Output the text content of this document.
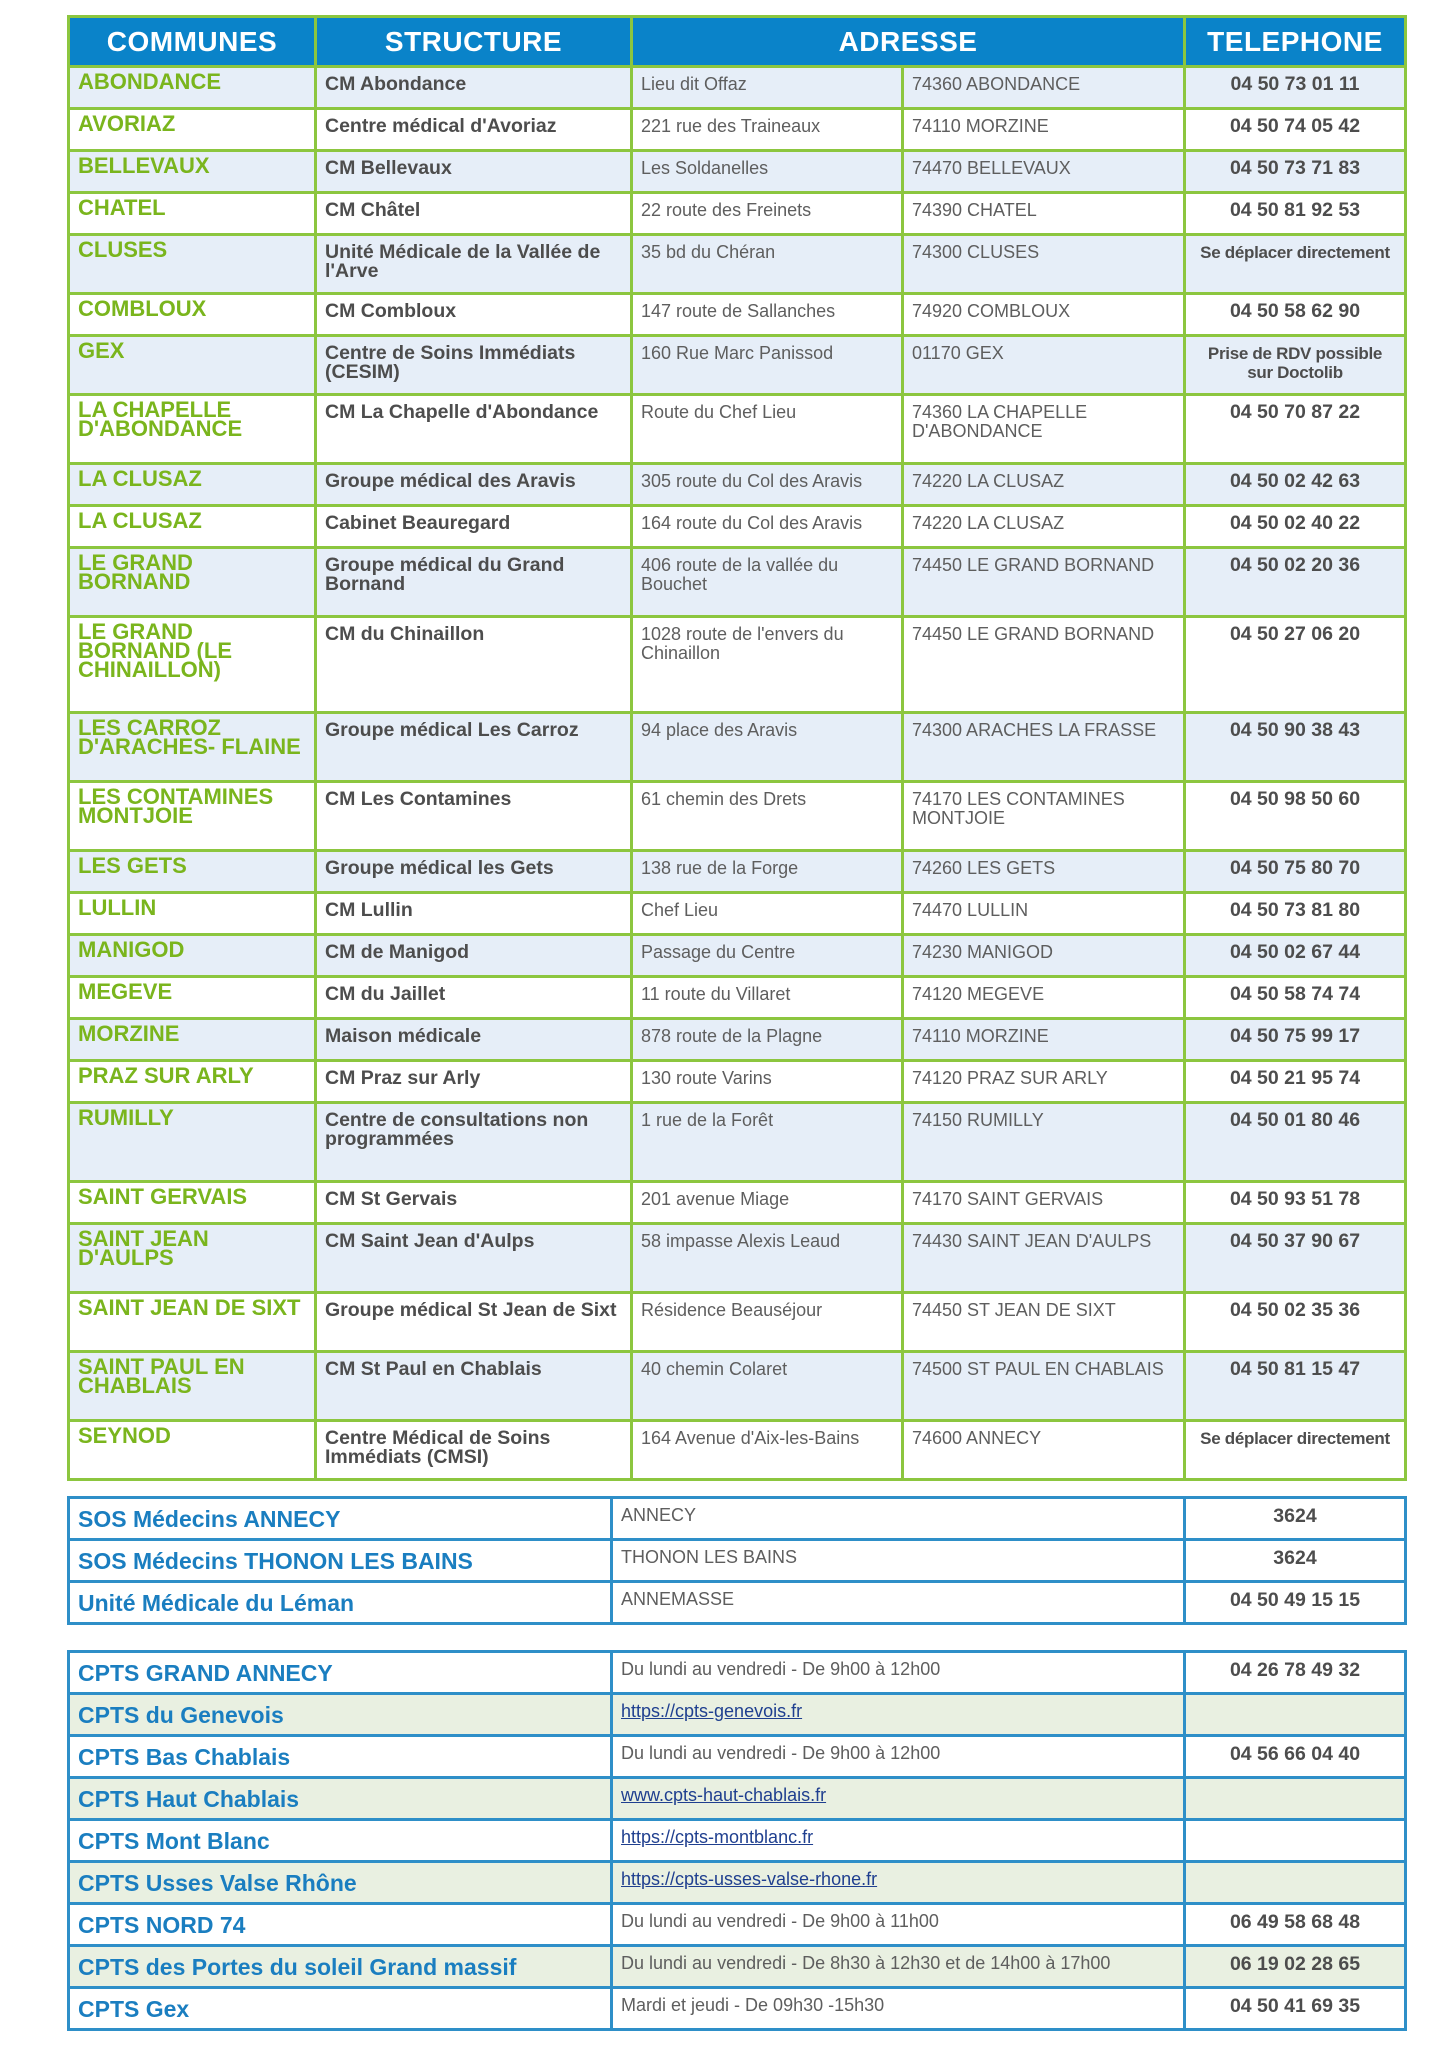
COMMUNES	STRUCTURE	ADRESSE		TELEPHONE
ABONDANCE	CM Abondance	Lieu dit Offaz	74360 ABONDANCE	04 50 73 01 11
AVORIAZ	Centre médical d'Avoriaz	221 rue des Traineaux	74110 MORZINE	04 50 74 05 42
BELLEVAUX	CM Bellevaux	Les Soldanelles	74470 BELLEVAUX	04 50 73 71 83
CHATEL	CM Châtel	22 route des Freinets	74390 CHATEL	04 50 81 92 53
CLUSES	Unité Médicale de la Vallée de l'Arve	35 bd du Chéran	74300 CLUSES	Se déplacer directement
COMBLOUX	CM Combloux	147 route de Sallanches	74920 COMBLOUX	04 50 58 62 90
GEX	Centre de Soins Immédiats (CESIM)	160 Rue Marc Panissod	01170 GEX	Prise de RDV possible sur Doctolib
LA CHAPELLE D'ABONDANCE	CM La Chapelle d'Abondance	Route du Chef Lieu	74360 LA CHAPELLE D'ABONDANCE	04 50 70 87 22
LA CLUSAZ	Groupe médical des Aravis	305 route du Col des Aravis	74220 LA CLUSAZ	04 50 02 42 63
LA CLUSAZ	Cabinet Beauregard	164 route du Col des Aravis	74220 LA CLUSAZ	04 50 02 40 22
LE GRAND BORNAND	Groupe médical du Grand Bornand	406 route de la vallée du Bouchet	74450 LE GRAND BORNAND	04 50 02 20 36
LE GRAND BORNAND (LE CHINAILLON)	CM du Chinaillon	1028 route de l'envers du Chinaillon	74450 LE GRAND BORNAND	04 50 27 06 20
LES CARROZ D'ARACHES- FLAINE	Groupe médical Les Carroz	94 place des Aravis	74300 ARACHES LA FRASSE	04 50 90 38 43
LES CONTAMINES MONTJOIE	CM Les Contamines	61 chemin des Drets	74170 LES CONTAMINES MONTJOIE	04 50 98 50 60
LES GETS	Groupe médical les Gets	138 rue de la Forge	74260 LES GETS	04 50 75 80 70
LULLIN	CM Lullin	Chef Lieu	74470 LULLIN	04 50 73 81 80
MANIGOD	CM de Manigod	Passage du Centre	74230 MANIGOD	04 50 02 67 44
MEGEVE	CM du Jaillet	11 route du Villaret	74120 MEGEVE	04 50 58 74 74
MORZINE	Maison médicale	878 route de la Plagne	74110 MORZINE	04 50 75 99 17
PRAZ SUR ARLY	CM Praz sur Arly	130 route Varins	74120 PRAZ SUR ARLY	04 50 21 95 74
RUMILLY	Centre de consultations non programmées	1 rue de la Forêt	74150 RUMILLY	04 50 01 80 46
SAINT GERVAIS	CM St Gervais	201 avenue Miage	74170 SAINT GERVAIS	04 50 93 51 78
SAINT JEAN D'AULPS	CM Saint Jean d'Aulps	58 impasse Alexis Leaud	74430 SAINT JEAN D'AULPS	04 50 37 90 67
SAINT JEAN DE SIXT	Groupe médical St Jean de Sixt	Résidence Beauséjour	74450 ST JEAN DE SIXT	04 50 02 35 36
SAINT PAUL EN CHABLAIS	CM St Paul en Chablais	40 chemin Colaret	74500 ST PAUL EN CHABLAIS	04 50 81 15 47
SEYNOD	Centre Médical de Soins Immédiats (CMSI)	164 Avenue d'Aix-les-Bains	74600 ANNECY	Se déplacer directement
SOS Médecins ANNECY	ANNECY	3624
SOS Médecins THONON LES BAINS	THONON LES BAINS	3624
Unité Médicale du Léman	ANNEMASSE	04 50 49 15 15
CPTS GRAND ANNECY	Du lundi au vendredi - De 9h00 à 12h00	04 26 78 49 32
CPTS du Genevois	https://cpts-genevois.fr	
CPTS Bas Chablais	Du lundi au vendredi - De 9h00 à 12h00	04 56 66 04 40
CPTS Haut Chablais	www.cpts-haut-chablais.fr	
CPTS Mont Blanc	https://cpts-montblanc.fr	
CPTS Usses Valse Rhône	https://cpts-usses-valse-rhone.fr	
CPTS NORD 74	Du lundi au vendredi - De 9h00 à 11h00	06 49 58 68 48
CPTS des Portes du soleil Grand massif	Du lundi au vendredi - De 8h30 à 12h30 et de 14h00 à 17h00	06 19 02 28 65
CPTS Gex	Mardi et jeudi - De 09h30 -15h30	04 50 41 69 35
